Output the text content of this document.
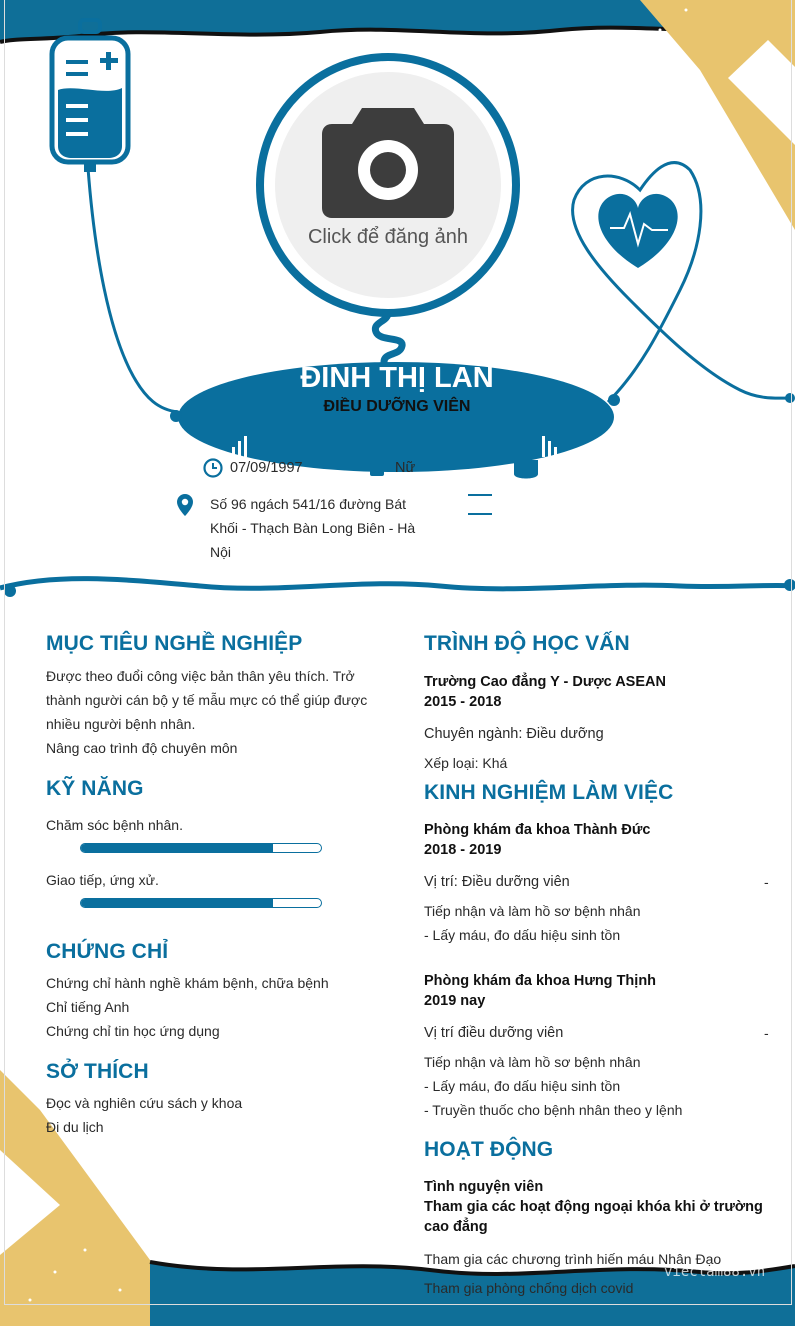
Click để đăng ảnh
ĐINH THỊ LAN
ĐIỀU DƯỠNG VIÊN
07/09/1997	Nữ
Số 96 ngách 541/16 đường Bát
Khối - Thạch Bàn Long Biên - Hà
Nội
MỤC TIÊU NGHỀ NGHIỆP
Được theo đuổi công việc bản thân yêu thích. Trở
thành người cán bộ y tế mẫu mực có thể giúp được
nhiều người bệnh nhân.
Nâng cao trình độ chuyên môn
KỸ NĂNG
Chăm sóc bệnh nhân.
Giao tiếp, ứng xử.
CHỨNG CHỈ
Chứng chỉ hành nghề khám bệnh, chữa bệnh
Chỉ tiếng Anh
Chứng chỉ tin học ứng dụng
SỞ THÍCH
Đọc và nghiên cứu sách y khoa
Đi du lịch
TRÌNH ĐỘ HỌC VẤN
Trường Cao đẳng Y - Dược ASEAN
2015 - 2018
Chuyên ngành: Điều dưỡng
Xếp loại: Khá
KINH NGHIỆM LÀM VIỆC
Phòng khám đa khoa Thành Đức
2018 - 2019
Vị trí: Điều dưỡng viên	-
Tiếp nhận và làm hồ sơ bệnh nhân
- Lấy máu, đo dấu hiệu sinh tồn
Phòng khám đa khoa Hưng Thịnh
2019 nay
Vị trí điều dưỡng viên	-
Tiếp nhận và làm hồ sơ bệnh nhân
- Lấy máu, đo dấu hiệu sinh tồn
- Truyền thuốc cho bệnh nhân theo y lệnh
HOẠT ĐỘNG
Tình nguyện viên
Tham gia các hoạt động ngoại khóa khi ở trường
cao đẳng
Tham gia các chương trình hiến máu Nhân Đạo
Tham gia phòng chống dịch covid
vieclam88.vn
